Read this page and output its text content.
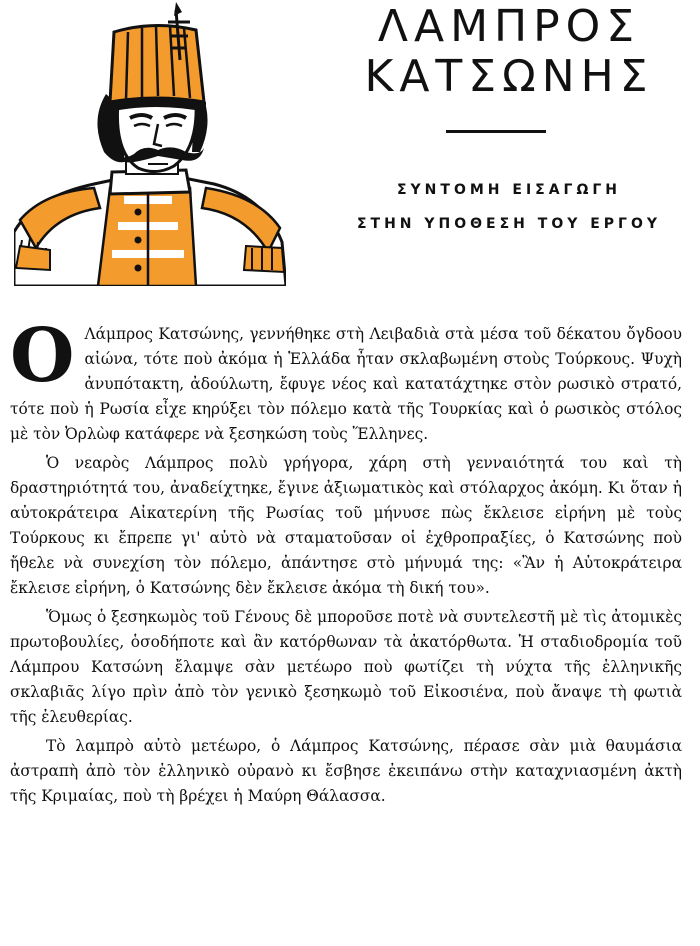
ΛΑΜΠΡΟΣ
ΚΑΤΣΩΝΗΣ
ΣΥΝΤΟΜΗ ΕΙΣΑΓΩΓΗ
ΣΤΗΝ ΥΠΟΘΕΣΗ ΤΟΥ ΕΡΓΟΥ

Ο Λάμπρος Κατσώνης, γεννήθηκε στὴ Λειβαδιὰ στὰ μέσα τοῦ δέκατου ὄγδοου αἰώνα, τότε ποὺ ἀκόμα ἡ Ἑλλάδα ἦταν σκλαβωμένη στοὺς Τούρκους. Ψυχὴ ἀνυπότακτη, ἀδούλωτη, ἔφυγε νέος καὶ κατατάχτηκε στὸν ρωσικὸ στρατό, τότε ποὺ ἡ Ρωσία εἶχε κηρύξει τὸν πόλεμο κατὰ τῆς Τουρκίας καὶ ὁ ρωσικὸς στόλος μὲ τὸν Ὀρλὼφ κατάφερε νὰ ξεσηκώση τοὺς Ἕλληνες.

Ὁ νεαρὸς Λάμπρος πολὺ γρήγορα, χάρη στὴ γενναιότητά του καὶ τὴ δραστηριότητά του, ἀναδείχτηκε, ἔγινε ἀξιωματικὸς καὶ στόλαρχος ἀκόμη. Κι ὅταν ἡ αὐτοκράτειρα Αἰκατερίνη τῆς Ρωσίας τοῦ μήνυσε πὼς ἔκλεισε εἰρήνη μὲ τοὺς Τούρκους κι ἔπρεπε γι' αὐτὸ νὰ σταματοῦσαν οἱ ἐχθροπραξίες, ὁ Κατσώνης ποὺ ἤθελε νὰ συνεχίση τὸν πόλεμο, ἀπάντησε στὸ μήνυμά της: «Ἂν ἡ Αὐτοκράτειρα ἔκλεισε εἰρήνη, ὁ Κατσώνης δὲν ἔκλεισε ἀκόμα τὴ δική του».

Ὅμως ὁ ξεσηκωμὸς τοῦ Γένους δὲ μποροῦσε ποτὲ νὰ συντελεστῆ μὲ τὶς ἀτομικὲς πρωτοβουλίες, ὁσοδήποτε καὶ ἂν κατόρθωναν τὰ ἀκατόρθωτα. Ἡ σταδιοδρομία τοῦ Λάμπρου Κατσώνη ἔλαμψε σὰν μετέωρο ποὺ φωτίζει τὴ νύχτα τῆς ἑλληνικῆς σκλαβιᾶς λίγο πρὶν ἀπὸ τὸν γενικὸ ξεσηκωμὸ τοῦ Εἰκοσιένα, ποὺ ἄναψε τὴ φωτιὰ τῆς ἐλευθερίας.

Τὸ λαμπρὸ αὐτὸ μετέωρο, ὁ Λάμπρος Κατσώνης, πέρασε σὰν μιὰ θαυμάσια ἀστραπὴ ἀπὸ τὸν ἑλληνικὸ οὐρανὸ κι ἔσβησε ἐκειπάνω στὴν καταχνιασμένη ἀκτὴ τῆς Κριμαίας, ποὺ τὴ βρέχει ἡ Μαύρη Θάλασσα.
